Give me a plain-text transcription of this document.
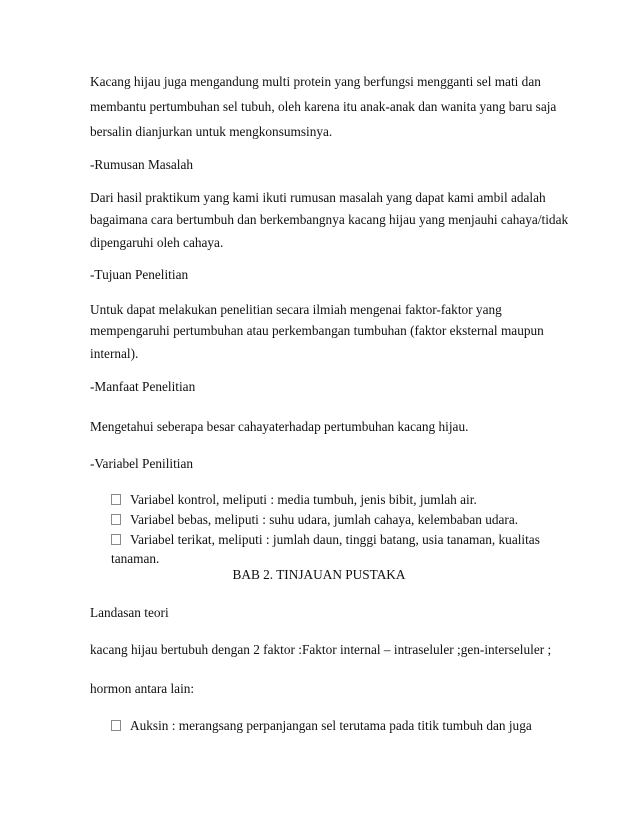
Kacang hijau juga mengandung multi protein yang berfungsi mengganti sel mati dan
membantu pertumbuhan sel tubuh, oleh karena itu anak-anak dan wanita yang baru saja
bersalin dianjurkan untuk mengkonsumsinya.
-Rumusan Masalah
Dari hasil praktikum yang kami ikuti rumusan masalah yang dapat kami ambil adalah
bagaimana cara bertumbuh dan berkembangnya kacang hijau yang menjauhi cahaya/tidak
dipengaruhi oleh cahaya.
-Tujuan Penelitian
Untuk dapat melakukan penelitian secara ilmiah mengenai faktor-faktor yang
mempengaruhi pertumbuhan atau perkembangan tumbuhan (faktor eksternal maupun
internal).
-Manfaat Penelitian
Mengetahui seberapa besar cahayaterhadap pertumbuhan kacang hijau.
-Variabel Penilitian
Variabel kontrol, meliputi : media tumbuh, jenis bibit, jumlah air.
Variabel bebas, meliputi : suhu udara, jumlah cahaya, kelembaban udara.
Variabel terikat, meliputi : jumlah daun, tinggi batang, usia tanaman, kualitas
tanaman.
BAB 2. TINJAUAN PUSTAKA
Landasan teori
kacang hijau bertubuh dengan 2 faktor :Faktor internal – intraseluler ;gen-interseluler ;
hormon antara lain:
Auksin : merangsang perpanjangan sel terutama pada titik tumbuh dan juga
